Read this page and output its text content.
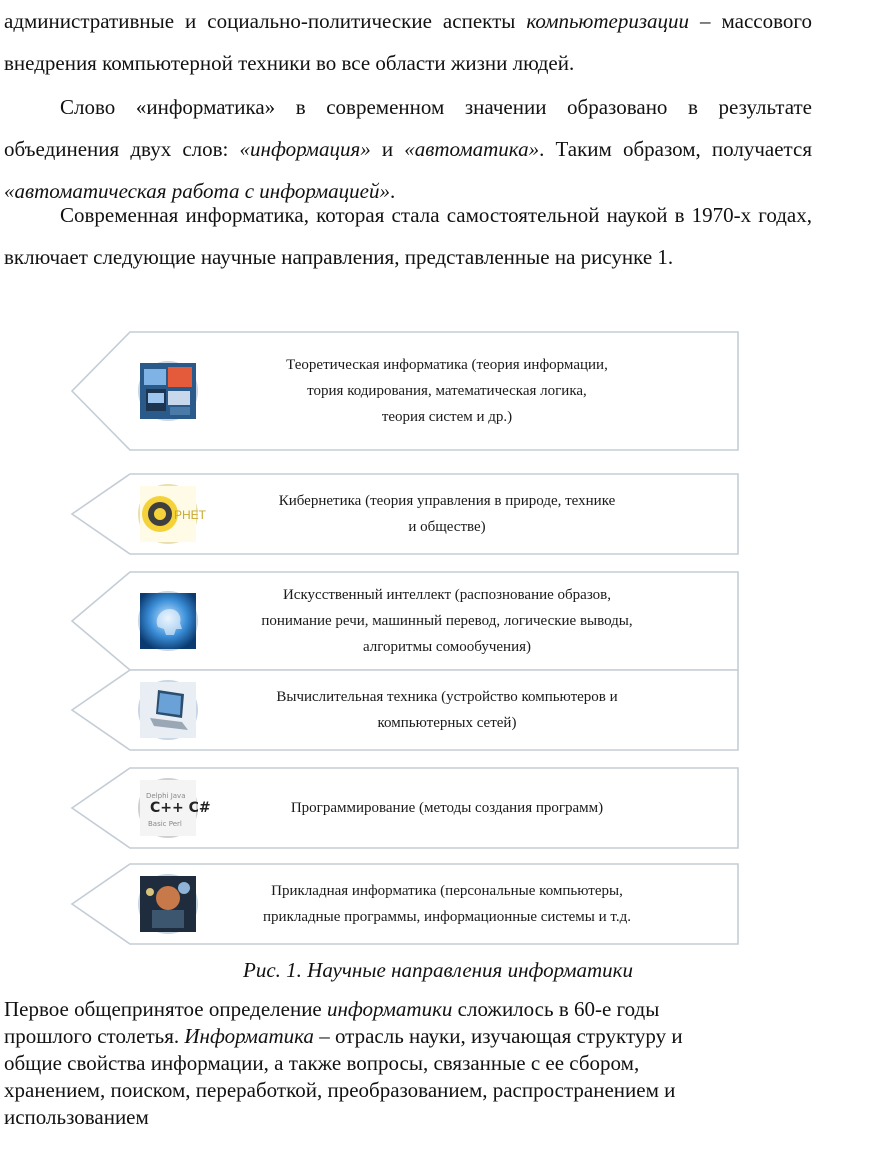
административные и социально-политические аспекты компьютеризации – массового внедрения компьютерной техники во все области жизни людей.

Слово «информатика» в современном значении образовано в результате объединения двух слов: «информация» и «автоматика». Таким образом, получается «автоматическая работа с информацией».

Современная информатика, которая стала самостоятельной наукой в 1970-х годах, включает следующие научные направления, представленные на рисунке 1.

Теоретическая информатика (теория информации,
тория кодирования, математическая логика,
теория систем и др.)
РНЕТ
Кибернетика (теория управления в природе, технике
и обществе)
Искусственный интеллект (распознование образов,
понимание речи, машинный перевод, логические выводы,
алгоритмы сомообучения)
Вычислительная техника (устройство компьютеров и
компьютерных сетей)
Delphi Java
C++ C#
Basic Perl
Программирование (методы создания программ)
Прикладная информатика (персональные компьютеры,
прикладные программы, информационные системы и т.д.
Рис. 1. Научные направления информатики
Первое общепринятое определение информатики сложилось в 60-е годы
прошлого столетья. Информатика – отрасль науки, изучающая структуру и
общие свойства информации, а также вопросы, связанные с ее сбором,
хранением, поиском, переработкой, преобразованием, распространением и
использованием
